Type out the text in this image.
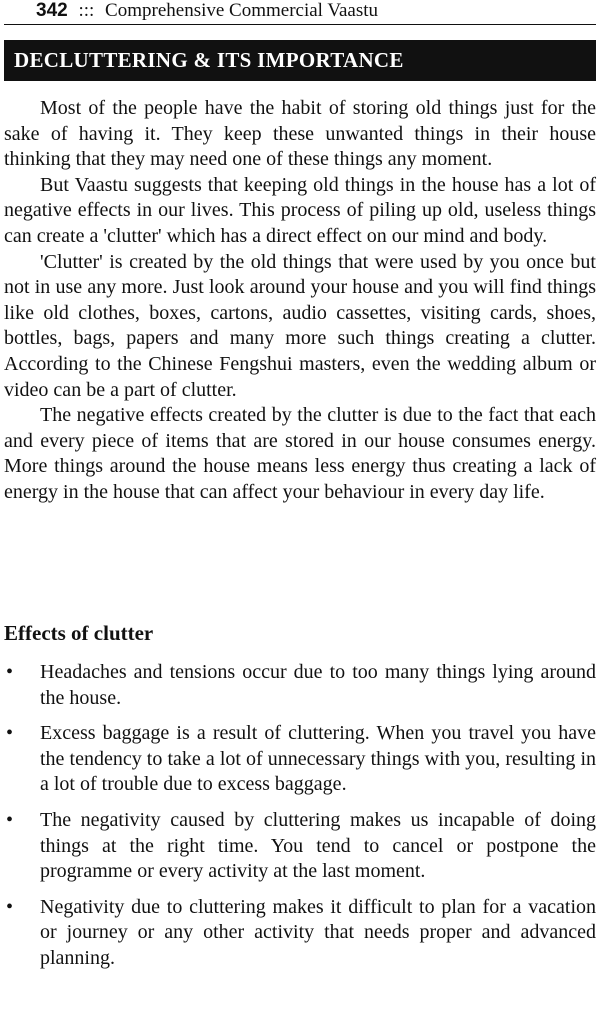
342 ::: Comprehensive Commercial Vaastu
DECLUTTERING & ITS IMPORTANCE

Most of the people have the habit of storing old things just for the sake of having it. They keep these unwanted things in their house thinking that they may need one of these things any moment.

But Vaastu suggests that keeping old things in the house has a lot of negative effects in our lives. This process of piling up old, useless things can create a 'clutter' which has a direct effect on our mind and body.

'Clutter' is created by the old things that were used by you once but not in use any more. Just look around your house and you will find things like old clothes, boxes, cartons, audio cassettes, visiting cards, shoes, bottles, bags, papers and many more such things creating a clutter. According to the Chinese Fengshui masters, even the wedding album or video can be a part of clutter.

The negative effects created by the clutter is due to the fact that each and every piece of items that are stored in our house consumes energy. More things around the house means less energy thus creating a lack of energy in the house that can affect your behaviour in every day life.

Effects of clutter
• Headaches and tensions occur due to too many things lying around the house.
• Excess baggage is a result of cluttering. When you travel you have the tendency to take a lot of unnecessary things with you, resulting in a lot of trouble due to excess baggage.
• The negativity caused by cluttering makes us incapable of doing things at the right time. You tend to cancel or postpone the programme or every activity at the last moment.
• Negativity due to cluttering makes it difficult to plan for a vacation or journey or any other activity that needs proper and advanced planning.
